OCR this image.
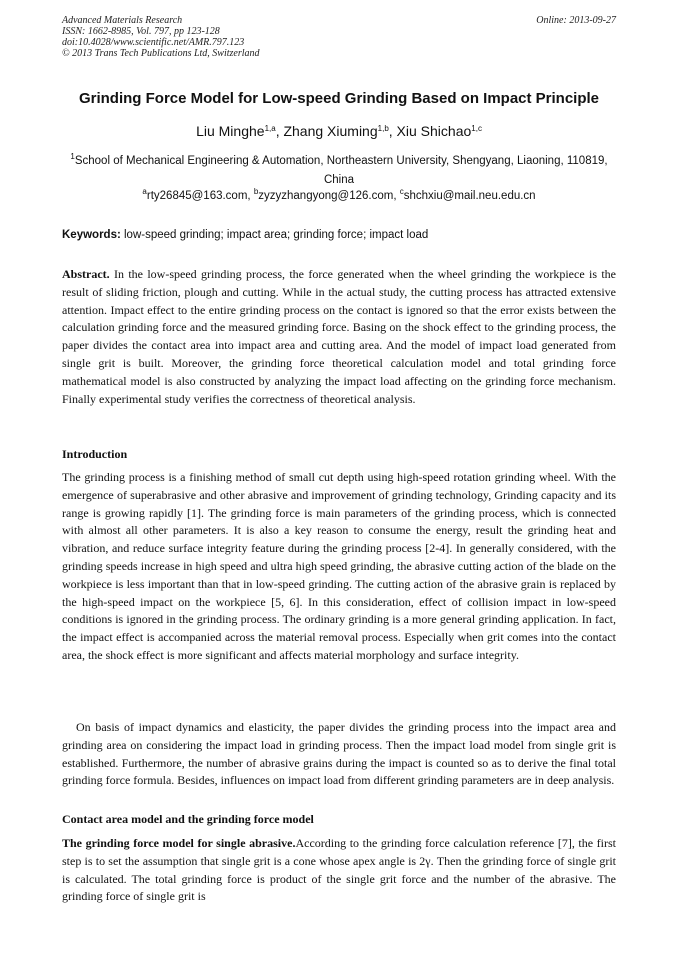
Advanced Materials Research
ISSN: 1662-8985, Vol. 797, pp 123-128
doi:10.4028/www.scientific.net/AMR.797.123
© 2013 Trans Tech Publications Ltd, Switzerland
Online: 2013-09-27
Grinding Force Model for Low-speed Grinding Based on Impact Principle
Liu Minghe$^{1,a}$, Zhang Xiuming$^{1,b}$, Xiu Shichao$^{1,c}$
$^1$School of Mechanical Engineering & Automation, Northeastern University, Shengyang, Liaoning, 110819, China
$^a$rty26845@163.com, $^b$zyzyzhangyong@126.com, $^c$shchxiu@mail.neu.edu.cn
Keywords: low-speed grinding; impact area; grinding force; impact load
Abstract. In the low-speed grinding process, the force generated when the wheel grinding the workpiece is the result of sliding friction, plough and cutting. While in the actual study, the cutting process has attracted extensive attention. Impact effect to the entire grinding process on the contact is ignored so that the error exists between the calculation grinding force and the measured grinding force. Basing on the shock effect to the grinding process, the paper divides the contact area into impact area and cutting area. And the model of impact load generated from single grit is built. Moreover, the grinding force theoretical calculation model and total grinding force mathematical model is also constructed by analyzing the impact load affecting on the grinding force mechanism. Finally experimental study verifies the correctness of theoretical analysis.
Introduction
The grinding process is a finishing method of small cut depth using high-speed rotation grinding wheel. With the emergence of superabrasive and other abrasive and improvement of grinding technology, Grinding capacity and its range is growing rapidly [1]. The grinding force is main parameters of the grinding process, which is connected with almost all other parameters. It is also a key reason to consume the energy, result the grinding heat and vibration, and reduce surface integrity feature during the grinding process [2-4]. In generally considered, with the grinding speeds increase in high speed and ultra high speed grinding, the abrasive cutting action of the blade on the workpiece is less important than that in low-speed grinding. The cutting action of the abrasive grain is replaced by the high-speed impact on the workpiece [5, 6]. In this consideration, effect of collision impact in low-speed conditions is ignored in the grinding process. The ordinary grinding is a more general grinding application. In fact, the impact effect is accompanied across the material removal process. Especially when grit comes into the contact area, the shock effect is more significant and affects material morphology and surface integrity.
On basis of impact dynamics and elasticity, the paper divides the grinding process into the impact area and grinding area on considering the impact load in grinding process. Then the impact load model from single grit is established. Furthermore, the number of abrasive grains during the impact is counted so as to derive the final total grinding force formula. Besides, influences on impact load from different grinding parameters are in deep analysis.
Contact area model and the grinding force model
The grinding force model for single abrasive.According to the grinding force calculation reference [7], the first step is to set the assumption that single grit is a cone whose apex angle is 2γ. Then the grinding force of single grit is calculated. The total grinding force is product of the single grit force and the number of the abrasive. The grinding force of single grit is
